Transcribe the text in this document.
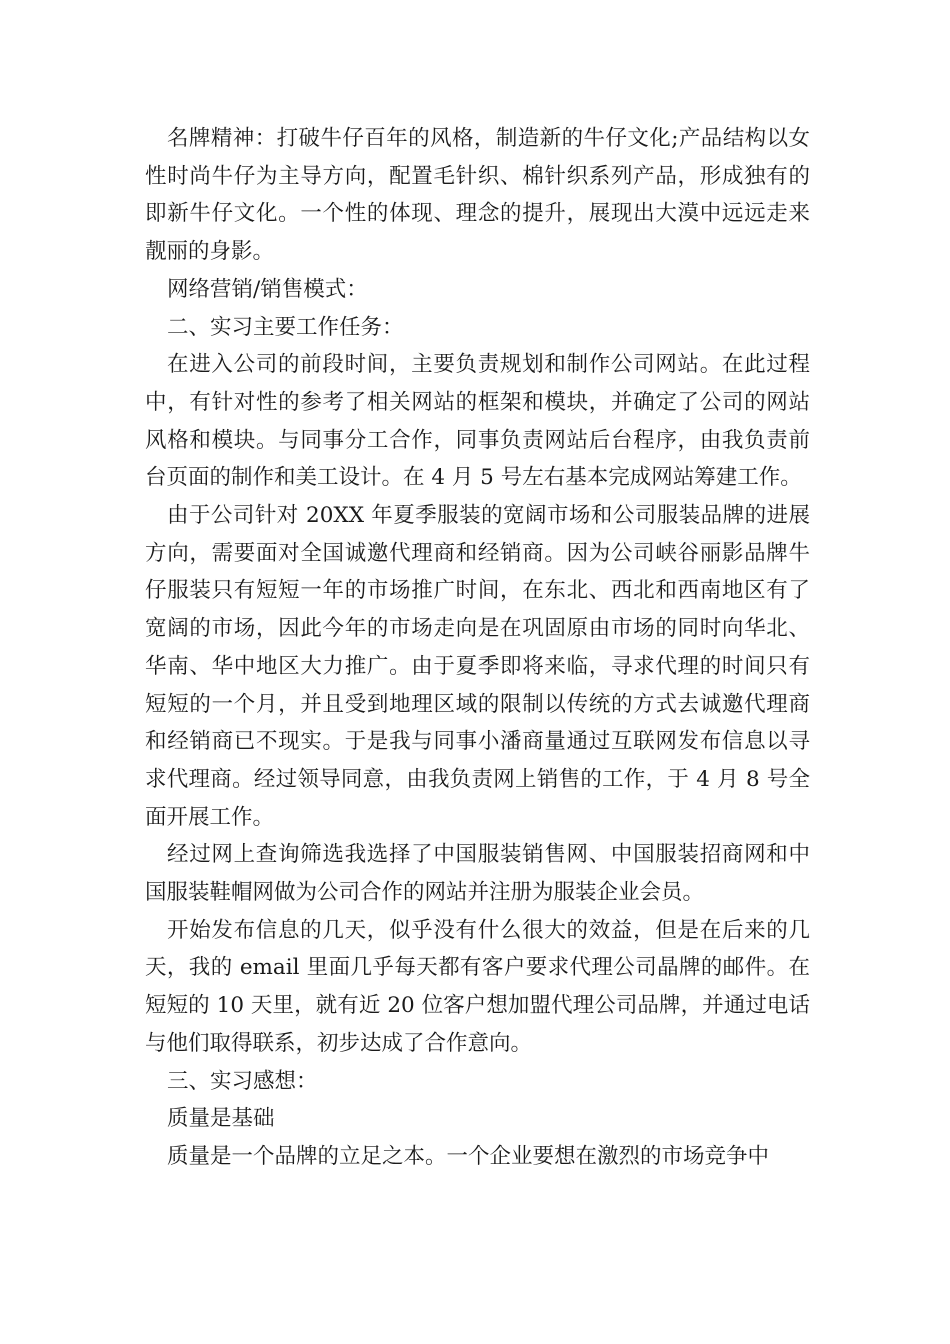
名牌精神：打破牛仔百年的风格，制造新的牛仔文化;产品结构以女性时尚牛仔为主导方向，配置毛针织、棉针织系列产品，形成独有的即新牛仔文化。一个性的体现、理念的提升，展现出大漠中远远走来靓丽的身影。

网络营销/销售模式：

二、实习主要工作任务：

在进入公司的前段时间，主要负责规划和制作公司网站。在此过程中，有针对性的参考了相关网站的框架和模块，并确定了公司的网站风格和模块。与同事分工合作，同事负责网站后台程序，由我负责前台页面的制作和美工设计。在 4 月 5 号左右基本完成网站筹建工作。

由于公司针对 20XX 年夏季服装的宽阔市场和公司服装品牌的进展方向，需要面对全国诚邀代理商和经销商。因为公司峡谷丽影品牌牛仔服装只有短短一年的市场推广时间，在东北、西北和西南地区有了宽阔的市场，因此今年的市场走向是在巩固原由市场的同时向华北、华南、华中地区大力推广。由于夏季即将来临，寻求代理的时间只有短短的一个月，并且受到地理区域的限制以传统的方式去诚邀代理商和经销商已不现实。于是我与同事小潘商量通过互联网发布信息以寻求代理商。经过领导同意，由我负责网上销售的工作，于 4 月 8 号全面开展工作。

经过网上查询筛选我选择了中国服装销售网、中国服装招商网和中国服装鞋帽网做为公司合作的网站并注册为服装企业会员。

开始发布信息的几天，似乎没有什么很大的效益，但是在后来的几天，我的 email 里面几乎每天都有客户要求代理公司晶牌的邮件。在短短的 10 天里，就有近 20 位客户想加盟代理公司品牌，并通过电话与他们取得联系，初步达成了合作意向。

三、实习感想：

质量是基础

质量是一个品牌的立足之本。一个企业要想在激烈的市场竞争中
